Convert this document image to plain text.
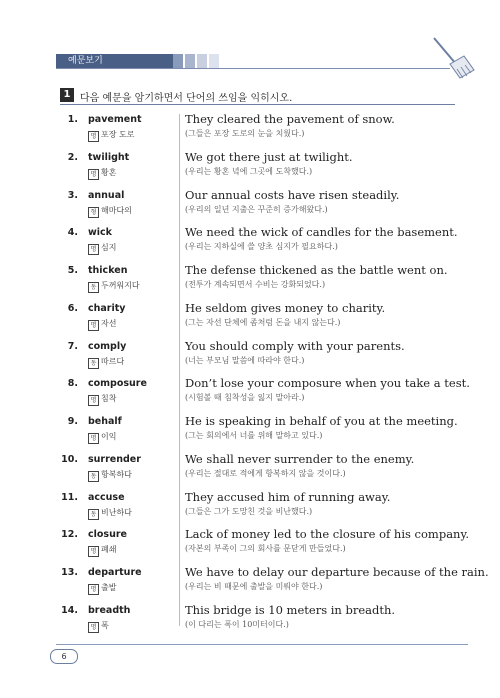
예문보기
1 다음 예문을 암기하면서 단어의 쓰임을 익히시오.
1. pavement
명 포장 도로
They cleared the pavement of snow.
(그들은 포장 도로의 눈을 치웠다.)
2. twilight
명 황혼
We got there just at twilight.
(우리는 황혼 녘에 그곳에 도착했다.)
3. annual
형 해마다의
Our annual costs have risen steadily.
(우리의 일년 지출은 꾸준히 증가해왔다.)
4. wick
명 심지
We need the wick of candles for the basement.
(우리는 지하실에 쓸 양초 심지가 필요하다.)
5. thicken
동 두꺼워지다
The defense thickened as the battle went on.
(전투가 계속되면서 수비는 강화되었다.)
6. charity
명 자선
He seldom gives money to charity.
(그는 자선 단체에 좀처럼 돈을 내지 않는다.)
7. comply
동 따르다
You should comply with your parents.
(너는 부모님 말씀에 따라야 한다.)
8. composure
명 침착
Don’t lose your composure when you take a test.
(시험볼 때 침착성을 잃지 말아라.)
9. behalf
명 이익
He is speaking in behalf of you at the meeting.
(그는 회의에서 너를 위해 말하고 있다.)
10. surrender
동 항복하다
We shall never surrender to the enemy.
(우리는 절대로 적에게 항복하지 않을 것이다.)
11. accuse
동 비난하다
They accused him of running away.
(그들은 그가 도망친 것을 비난했다.)
12. closure
명 폐쇄
Lack of money led to the closure of his company.
(자본의 부족이 그의 회사를 문닫게 만들었다.)
13. departure
명 출발
We have to delay our departure because of the rain.
(우리는 비 때문에 출발을 미뤄야 한다.)
14. breadth
명 폭
This bridge is 10 meters in breadth.
(이 다리는 폭이 10미터이다.)
6
